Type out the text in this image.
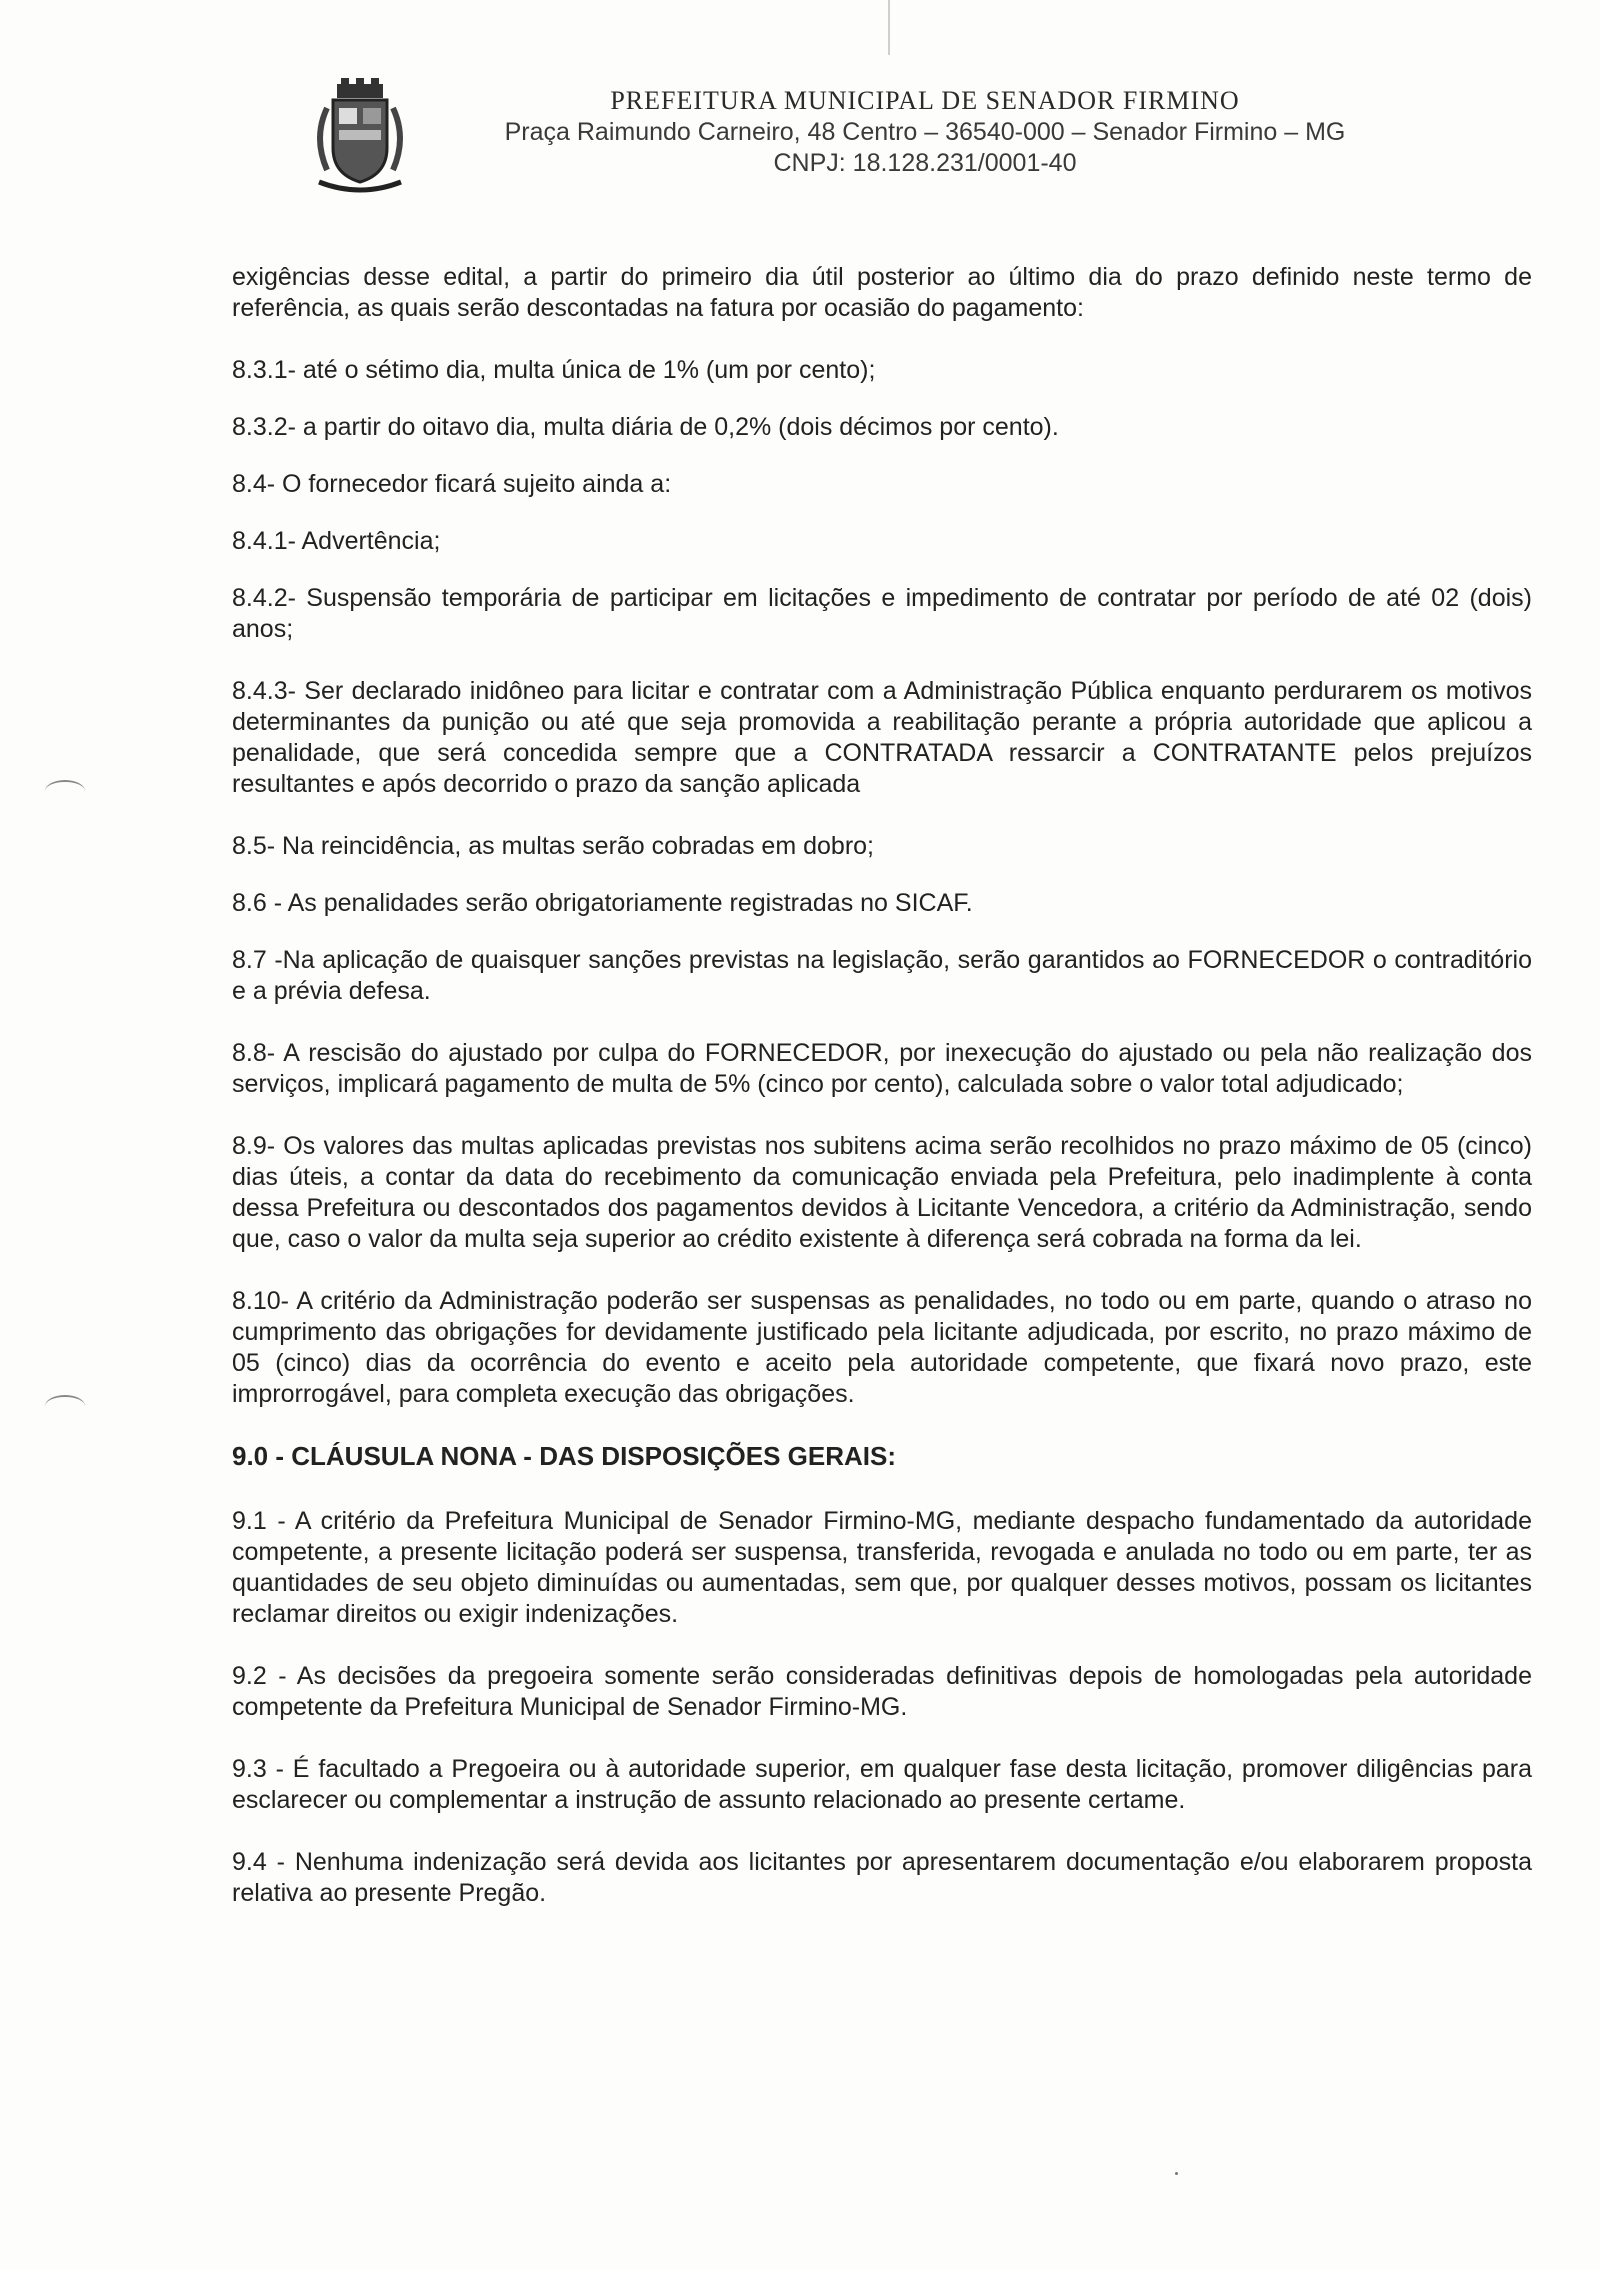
PREFEITURA MUNICIPAL DE SENADOR FIRMINO
Praça Raimundo Carneiro, 48 Centro – 36540-000 – Senador Firmino – MG
CNPJ: 18.128.231/0001-40

exigências desse edital, a partir do primeiro dia útil posterior ao último dia do prazo definido neste termo de referência, as quais serão descontadas na fatura por ocasião do pagamento:

8.3.1- até o sétimo dia, multa única de 1% (um por cento);

8.3.2- a partir do oitavo dia, multa diária de 0,2% (dois décimos por cento).

8.4- O fornecedor ficará sujeito ainda a:

8.4.1- Advertência;

8.4.2- Suspensão temporária de participar em licitações e impedimento de contratar por período de até 02 (dois) anos;

8.4.3- Ser declarado inidôneo para licitar e contratar com a Administração Pública enquanto perdurarem os motivos determinantes da punição ou até que seja promovida a reabilitação perante a própria autoridade que aplicou a penalidade, que será concedida sempre que a CONTRATADA ressarcir a CONTRATANTE pelos prejuízos resultantes e após decorrido o prazo da sanção aplicada

8.5- Na reincidência, as multas serão cobradas em dobro;

8.6 - As penalidades serão obrigatoriamente registradas no SICAF.

8.7 -Na aplicação de quaisquer sanções previstas na legislação, serão garantidos ao FORNECEDOR o contraditório e a prévia defesa.

8.8- A rescisão do ajustado por culpa do FORNECEDOR, por inexecução do ajustado ou pela não realização dos serviços, implicará pagamento de multa de 5% (cinco por cento), calculada sobre o valor total adjudicado;

8.9- Os valores das multas aplicadas previstas nos subitens acima serão recolhidos no prazo máximo de 05 (cinco) dias úteis, a contar da data do recebimento da comunicação enviada pela Prefeitura, pelo inadimplente à conta dessa Prefeitura ou descontados dos pagamentos devidos à Licitante Vencedora, a critério da Administração, sendo que, caso o valor da multa seja superior ao crédito existente à diferença será cobrada na forma da lei.

8.10- A critério da Administração poderão ser suspensas as penalidades, no todo ou em parte, quando o atraso no cumprimento das obrigações for devidamente justificado pela licitante adjudicada, por escrito, no prazo máximo de 05 (cinco) dias da ocorrência do evento e aceito pela autoridade competente, que fixará novo prazo, este improrrogável, para completa execução das obrigações.

9.0 - CLÁUSULA NONA - DAS DISPOSIÇÕES GERAIS:

9.1 - A critério da Prefeitura Municipal de Senador Firmino-MG, mediante despacho fundamentado da autoridade competente, a presente licitação poderá ser suspensa, transferida, revogada e anulada no todo ou em parte, ter as quantidades de seu objeto diminuídas ou aumentadas, sem que, por qualquer desses motivos, possam os licitantes reclamar direitos ou exigir indenizações.

9.2 - As decisões da pregoeira somente serão consideradas definitivas depois de homologadas pela autoridade competente da Prefeitura Municipal de Senador Firmino-MG.

9.3 - É facultado a Pregoeira ou à autoridade superior, em qualquer fase desta licitação, promover diligências para esclarecer ou complementar a instrução de assunto relacionado ao presente certame.

9.4 - Nenhuma indenização será devida aos licitantes por apresentarem documentação e/ou elaborarem proposta relativa ao presente Pregão.
